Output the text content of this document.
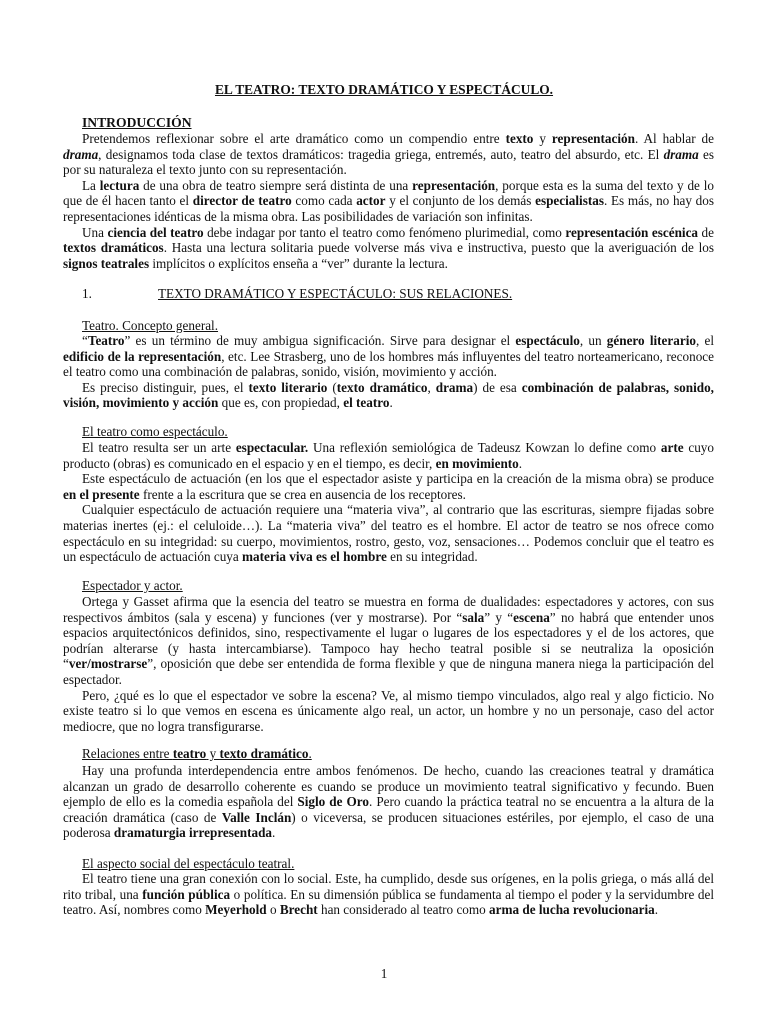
EL TEATRO: TEXTO DRAMÁTICO Y ESPECTÁCULO.
INTRODUCCIÓN

Pretendemos reflexionar sobre el arte dramático como un compendio entre texto y representación. Al hablar de drama, designamos toda clase de textos dramáticos: tragedia griega, entremés, auto, teatro del absurdo, etc. El drama es por su naturaleza el texto junto con su representación.

La lectura de una obra de teatro siempre será distinta de una representación, porque esta es la suma del texto y de lo que de él hacen tanto el director de teatro como cada actor y el conjunto de los demás especialistas. Es más, no hay dos representaciones idénticas de la misma obra. Las posibilidades de variación son infinitas.

Una ciencia del teatro debe indagar por tanto el teatro como fenómeno plurimedial, como representación escénica de textos dramáticos. Hasta una lectura solitaria puede volverse más viva e instructiva, puesto que la averiguación de los signos teatrales implícitos o explícitos enseña a “ver” durante la lectura.

1.	TEXTO DRAMÁTICO Y ESPECTÁCULO: SUS RELACIONES.
Teatro. Concepto general.

“Teatro” es un término de muy ambigua significación. Sirve para designar el espectáculo, un género literario, el edificio de la representación, etc. Lee Strasberg, uno de los hombres más influyentes del teatro norteamericano, reconoce el teatro como una combinación de palabras, sonido, visión, movimiento y acción.

Es preciso distinguir, pues, el texto literario (texto dramático, drama) de esa combinación de palabras, sonido, visión, movimiento y acción que es, con propiedad, el teatro.

El teatro como espectáculo.

El teatro resulta ser un arte espectacular. Una reflexión semiológica de Tadeusz Kowzan lo define como arte cuyo producto (obras) es comunicado en el espacio y en el tiempo, es decir, en movimiento.

Este espectáculo de actuación (en los que el espectador asiste y participa en la creación de la misma obra) se produce en el presente frente a la escritura que se crea en ausencia de los receptores.

Cualquier espectáculo de actuación requiere una “materia viva”, al contrario que las escrituras, siempre fijadas sobre materias inertes (ej.: el celuloide…). La “materia viva” del teatro es el hombre. El actor de teatro se nos ofrece como espectáculo en su integridad: su cuerpo, movimientos, rostro, gesto, voz, sensaciones… Podemos concluir que el teatro es un espectáculo de actuación cuya materia viva es el hombre en su integridad.

Espectador y actor.

Ortega y Gasset afirma que la esencia del teatro se muestra en forma de dualidades: espectadores y actores, con sus respectivos ámbitos (sala y escena) y funciones (ver y mostrarse). Por “sala” y “escena” no habrá que entender unos espacios arquitectónicos definidos, sino, respectivamente el lugar o lugares de los espectadores y el de los actores, que podrían alterarse (y hasta intercambiarse). Tampoco hay hecho teatral posible si se neutraliza la oposición “ver/mostrarse”, oposición que debe ser entendida de forma flexible y que de ninguna manera niega la participación del espectador.

Pero, ¿qué es lo que el espectador ve sobre la escena? Ve, al mismo tiempo vinculados, algo real y algo ficticio. No existe teatro si lo que vemos en escena es únicamente algo real, un actor, un hombre y no un personaje, caso del actor mediocre, que no logra transfigurarse.

Relaciones entre teatro y texto dramático.

Hay una profunda interdependencia entre ambos fenómenos. De hecho, cuando las creaciones teatral y dramática alcanzan un grado de desarrollo coherente es cuando se produce un movimiento teatral significativo y fecundo. Buen ejemplo de ello es la comedia española del Siglo de Oro. Pero cuando la práctica teatral no se encuentra a la altura de la creación dramática (caso de Valle Inclán) o viceversa, se producen situaciones estériles, por ejemplo, el caso de una poderosa dramaturgia irrepresentada.

El aspecto social del espectáculo teatral.

El teatro tiene una gran conexión con lo social. Este, ha cumplido, desde sus orígenes, en la polis griega, o más allá del rito tribal, una función pública o política. En su dimensión pública se fundamenta al tiempo el poder y la servidumbre del teatro. Así, nombres como Meyerhold o Brecht han considerado al teatro como arma de lucha revolucionaria.

1
